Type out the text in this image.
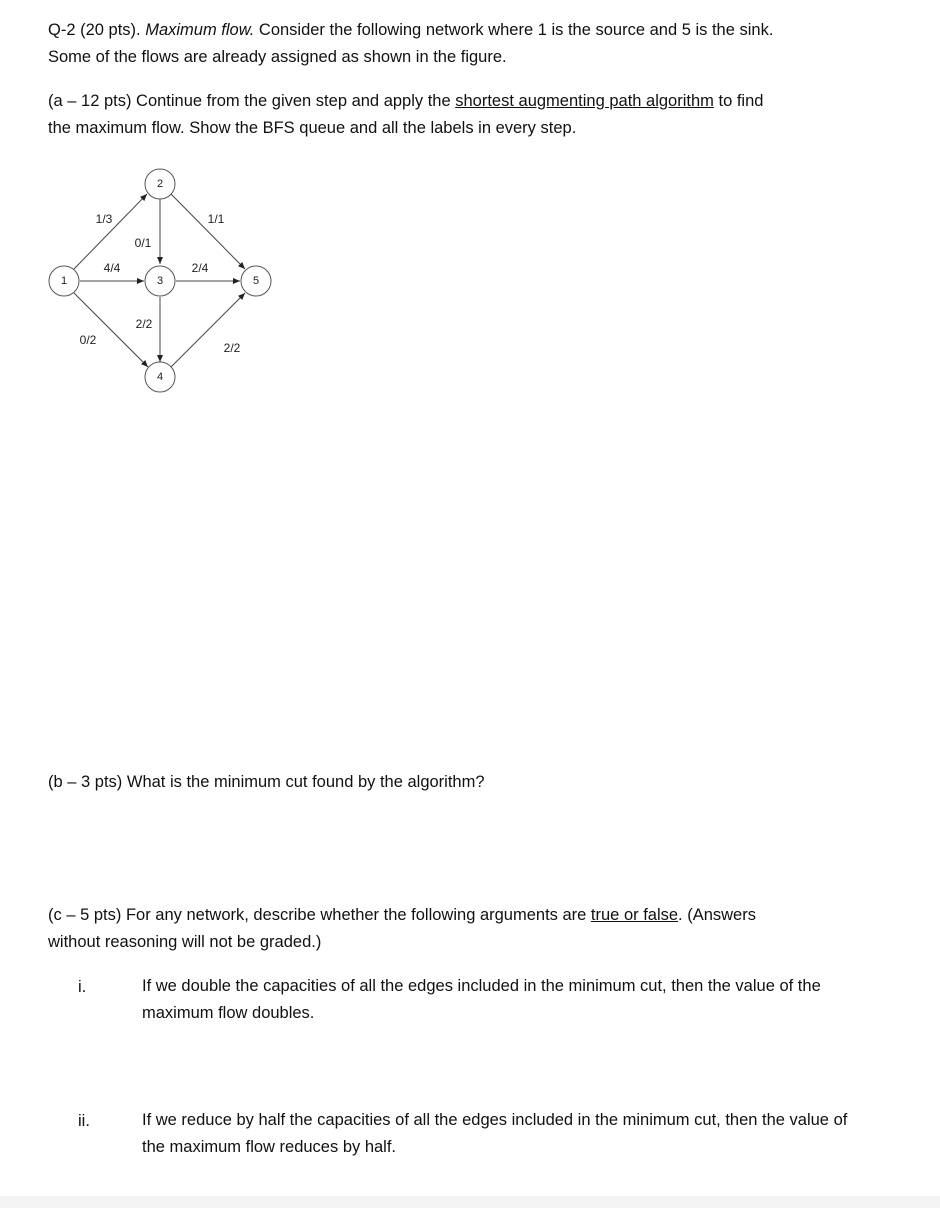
Q-2 (20 pts). Maximum flow. Consider the following network where 1 is the source and 5 is the sink.
Some of the flows are already assigned as shown in the figure.

(a – 12 pts) Continue from the given step and apply the shortest augmenting path algorithm to find
the maximum flow. Show the BFS queue and all the labels in every step.

1
2
3
4
5
1/3
0/1
1/1
4/4	2/4
2/2
0/2
2/2

(b – 3 pts) What is the minimum cut found by the algorithm?

(c – 5 pts) For any network, describe whether the following arguments are true or false. (Answers
without reasoning will not be graded.)

i.	If we double the capacities of all the edges included in the minimum cut, then the value of the maximum flow doubles.

ii.	If we reduce by half the capacities of all the edges included in the minimum cut, then the value of the maximum flow reduces by half.
